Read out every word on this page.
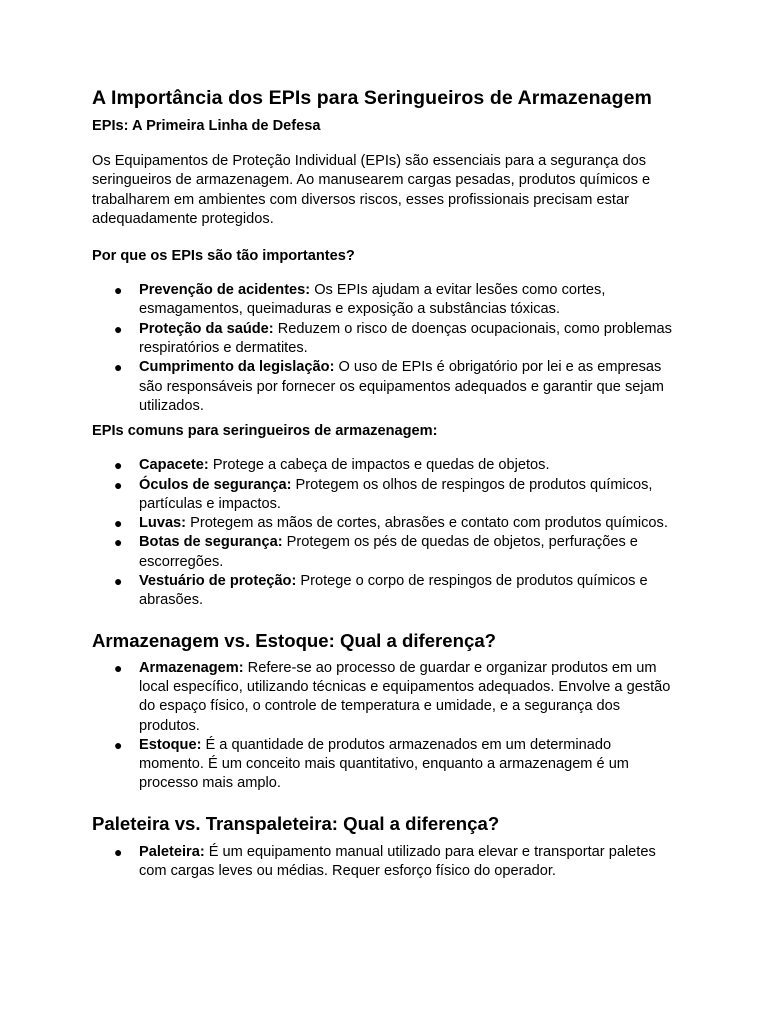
A Importância dos EPIs para Seringueiros de Armazenagem
EPIs: A Primeira Linha de Defesa

Os Equipamentos de Proteção Individual (EPIs) são essenciais para a segurança dos seringueiros de armazenagem. Ao manusearem cargas pesadas, produtos químicos e trabalharem em ambientes com diversos riscos, esses profissionais precisam estar adequadamente protegidos.

Por que os EPIs são tão importantes?
● Prevenção de acidentes: Os EPIs ajudam a evitar lesões como cortes, esmagamentos, queimaduras e exposição a substâncias tóxicas.
● Proteção da saúde: Reduzem o risco de doenças ocupacionais, como problemas respiratórios e dermatites.
● Cumprimento da legislação: O uso de EPIs é obrigatório por lei e as empresas são responsáveis por fornecer os equipamentos adequados e garantir que sejam utilizados.
EPIs comuns para seringueiros de armazenagem:
● Capacete: Protege a cabeça de impactos e quedas de objetos.
● Óculos de segurança: Protegem os olhos de respingos de produtos químicos, partículas e impactos.
● Luvas: Protegem as mãos de cortes, abrasões e contato com produtos químicos.
● Botas de segurança: Protegem os pés de quedas de objetos, perfurações e escorregões.
● Vestuário de proteção: Protege o corpo de respingos de produtos químicos e abrasões.
Armazenagem vs. Estoque: Qual a diferença?
● Armazenagem: Refere-se ao processo de guardar e organizar produtos em um local específico, utilizando técnicas e equipamentos adequados. Envolve a gestão do espaço físico, o controle de temperatura e umidade, e a segurança dos produtos.
● Estoque: É a quantidade de produtos armazenados em um determinado momento. É um conceito mais quantitativo, enquanto a armazenagem é um processo mais amplo.
Paleteira vs. Transpaleteira: Qual a diferença?
● Paleteira: É um equipamento manual utilizado para elevar e transportar paletes com cargas leves ou médias. Requer esforço físico do operador.
